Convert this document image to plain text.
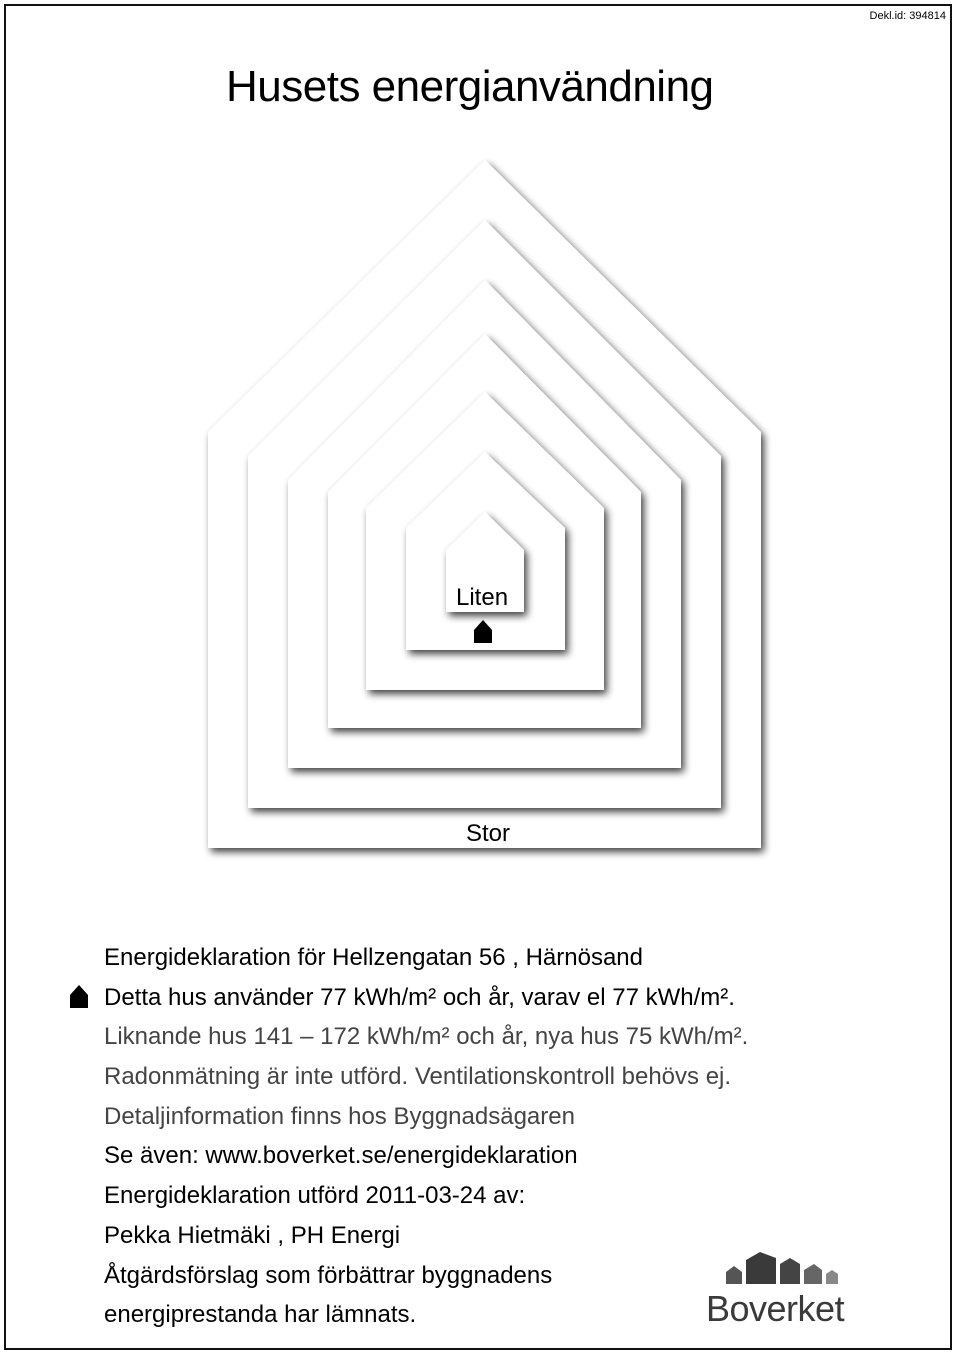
Dekl.id: 394814
Husets energianvändning
Liten
Stor
Energideklaration för Hellzengatan 56 , Härnösand
Detta hus använder 77 kWh/m² och år, varav el 77 kWh/m².
Liknande hus 141 – 172 kWh/m² och år, nya hus 75 kWh/m².
Radonmätning är inte utförd. Ventilationskontroll behövs ej.
Detaljinformation finns hos Byggnadsägaren
Se även: www.boverket.se/energideklaration
Energideklaration utförd 2011-03-24 av:
Pekka Hietmäki , PH Energi
Åtgärdsförslag som förbättrar byggnadens
energiprestanda har lämnats.	Boverket
